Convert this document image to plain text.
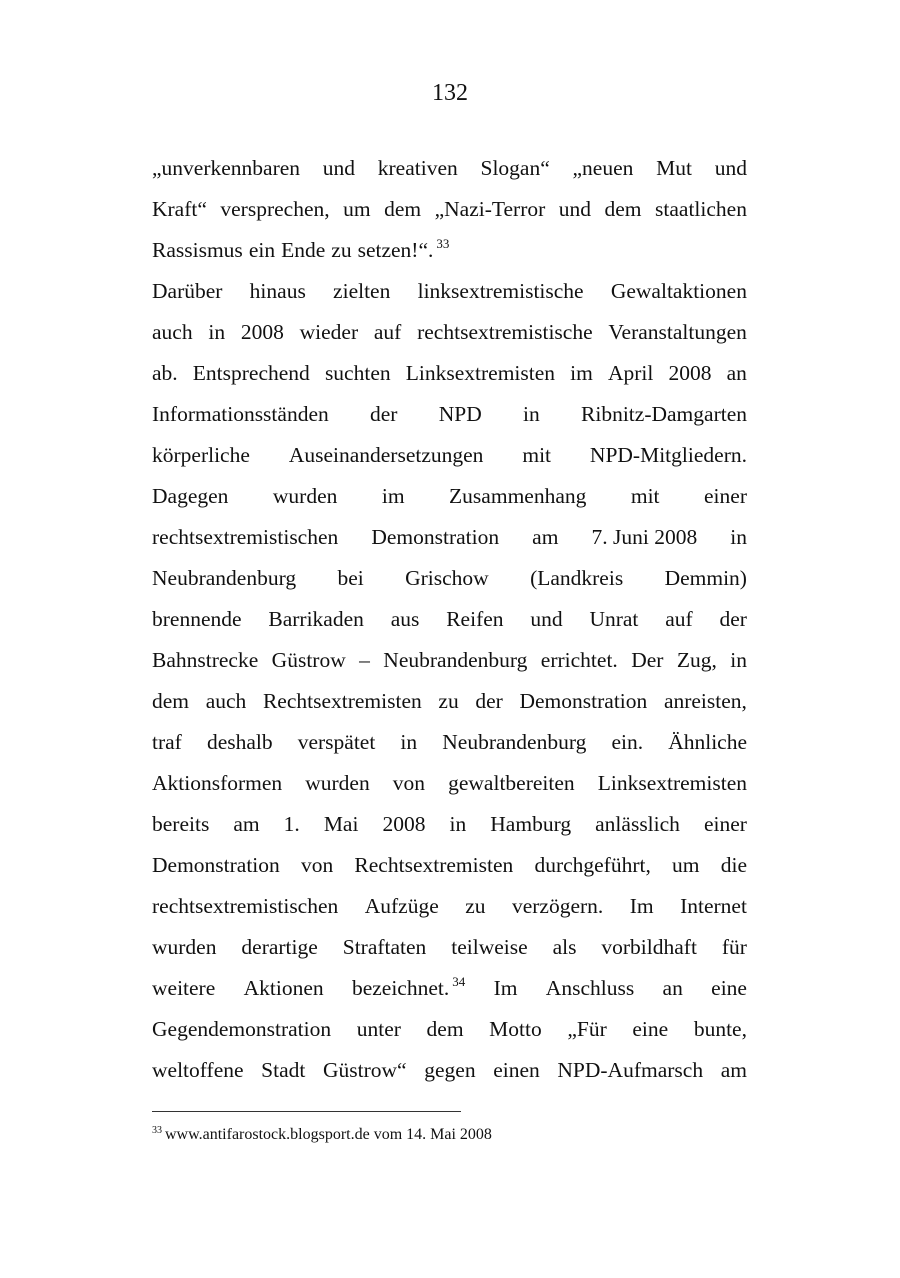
132
„unverkennbaren und kreativen Slogan“ „neuen Mut und
Kraft“ versprechen, um dem „Nazi-Terror und dem staatlichen
Rassismus ein Ende zu setzen!“. $^{33}$
Darüber hinaus zielten linksextremistische Gewaltaktionen
auch in 2008 wieder auf rechtsextremistische Veranstaltungen
ab. Entsprechend suchten Linksextremisten im April 2008 an
Informationsständen der NPD in Ribnitz-Damgarten
körperliche Auseinandersetzungen mit NPD-Mitgliedern.
Dagegen wurden im Zusammenhang mit einer
rechtsextremistischen Demonstration am 7. Juni 2008 in
Neubrandenburg bei Grischow (Landkreis Demmin)
brennende Barrikaden aus Reifen und Unrat auf der
Bahnstrecke Güstrow – Neubrandenburg errichtet. Der Zug, in
dem auch Rechtsextremisten zu der Demonstration anreisten,
traf deshalb verspätet in Neubrandenburg ein. Ähnliche
Aktionsformen wurden von gewaltbereiten Linksextremisten
bereits am 1. Mai 2008 in Hamburg anlässlich einer
Demonstration von Rechtsextremisten durchgeführt, um die
rechtsextremistischen Aufzüge zu verzögern. Im Internet
wurden derartige Straftaten teilweise als vorbildhaft für
weitere Aktionen bezeichnet. $^{34}$ Im Anschluss an eine
Gegendemonstration unter dem Motto „Für eine bunte,
weltoffene Stadt Güstrow“ gegen einen NPD-Aufmarsch am
$^{33}$ www.antifarostock.blogsport.de vom 14. Mai 2008
